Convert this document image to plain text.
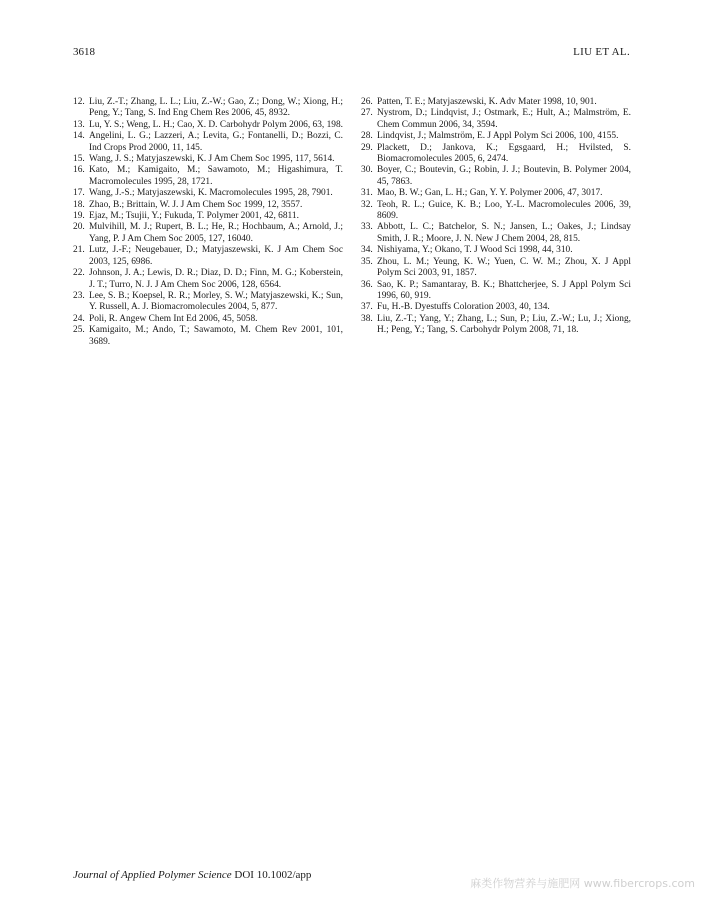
3618	LIU ET AL.

12. Liu, Z.-T.; Zhang, L. L.; Liu, Z.-W.; Gao, Z.; Dong, W.; Xiong, H.; Peng, Y.; Tang, S. Ind Eng Chem Res 2006, 45, 8932.

13. Lu, Y. S.; Weng, L. H.; Cao, X. D. Carbohydr Polym 2006, 63, 198.

14. Angelini, L. G.; Lazzeri, A.; Levita, G.; Fontanelli, D.; Bozzi, C. Ind Crops Prod 2000, 11, 145.

15. Wang, J. S.; Matyjaszewski, K. J Am Chem Soc 1995, 117, 5614.

16. Kato, M.; Kamigaito, M.; Sawamoto, M.; Higashimura, T. Macromolecules 1995, 28, 1721.

17. Wang, J.-S.; Matyjaszewski, K. Macromolecules 1995, 28, 7901.

18. Zhao, B.; Brittain, W. J. J Am Chem Soc 1999, 12, 3557.

19. Ejaz, M.; Tsujii, Y.; Fukuda, T. Polymer 2001, 42, 6811.

20. Mulvihill, M. J.; Rupert, B. L.; He, R.; Hochbaum, A.; Arnold, J.; Yang, P. J Am Chem Soc 2005, 127, 16040.

21. Lutz, J.-F.; Neugebauer, D.; Matyjaszewski, K. J Am Chem Soc 2003, 125, 6986.

22. Johnson, J. A.; Lewis, D. R.; Diaz, D. D.; Finn, M. G.; Koberstein, J. T.; Turro, N. J. J Am Chem Soc 2006, 128, 6564.

23. Lee, S. B.; Koepsel, R. R.; Morley, S. W.; Matyjaszewski, K.; Sun, Y. Russell, A. J. Biomacromolecules 2004, 5, 877.

24. Poli, R. Angew Chem Int Ed 2006, 45, 5058.

25. Kamigaito, M.; Ando, T.; Sawamoto, M. Chem Rev 2001, 101, 3689.

26. Patten, T. E.; Matyjaszewski, K. Adv Mater 1998, 10, 901.

27. Nystrom, D.; Lindqvist, J.; Ostmark, E.; Hult, A.; Malmström, E. Chem Commun 2006, 34, 3594.

28. Lindqvist, J.; Malmström, E. J Appl Polym Sci 2006, 100, 4155.

29. Plackett, D.; Jankova, K.; Egsgaard, H.; Hvilsted, S. Biomacromolecules 2005, 6, 2474.

30. Boyer, C.; Boutevin, G.; Robin, J. J.; Boutevin, B. Polymer 2004, 45, 7863.

31. Mao, B. W.; Gan, L. H.; Gan, Y. Y. Polymer 2006, 47, 3017.

32. Teoh, R. L.; Guice, K. B.; Loo, Y.-L. Macromolecules 2006, 39, 8609.

33. Abbott, L. C.; Batchelor, S. N.; Jansen, L.; Oakes, J.; Lindsay Smith, J. R.; Moore, J. N. New J Chem 2004, 28, 815.

34. Nishiyama, Y.; Okano, T. J Wood Sci 1998, 44, 310.

35. Zhou, L. M.; Yeung, K. W.; Yuen, C. W. M.; Zhou, X. J Appl Polym Sci 2003, 91, 1857.

36. Sao, K. P.; Samantaray, B. K.; Bhattcherjee, S. J Appl Polym Sci 1996, 60, 919.

37. Fu, H.-B. Dyestuffs Coloration 2003, 40, 134.

38. Liu, Z.-T.; Yang, Y.; Zhang, L.; Sun, P.; Liu, Z.-W.; Lu, J.; Xiong, H.; Peng, Y.; Tang, S. Carbohydr Polym 2008, 71, 18.

Journal of Applied Polymer Science DOI 10.1002/app
麻类作物营养与施肥网 www.fibercrops.com
